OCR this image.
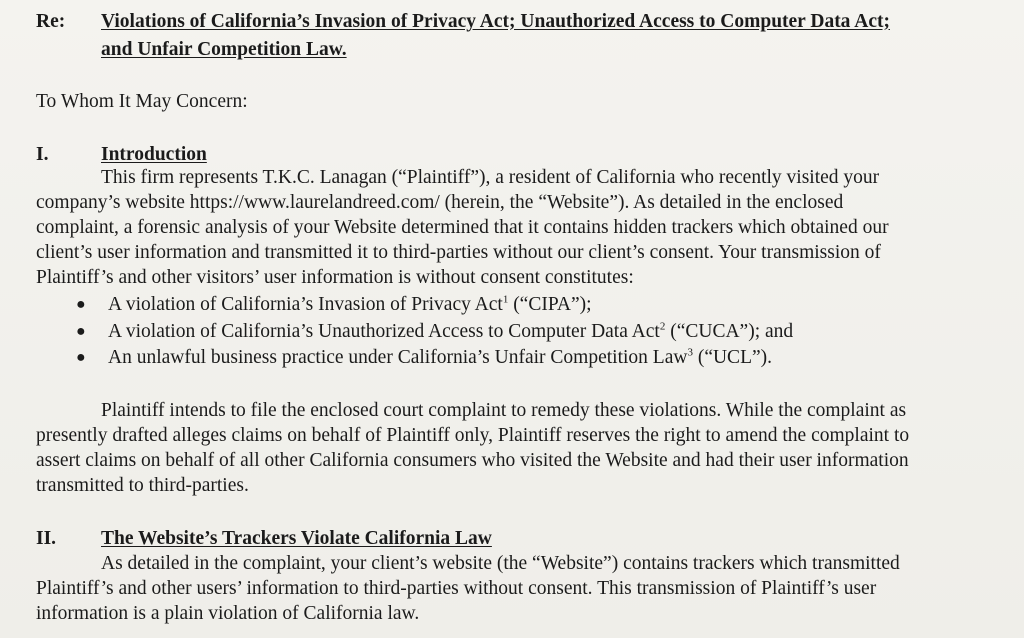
Re: Violations of California’s Invasion of Privacy Act; Unauthorized Access to Computer Data Act;
and Unfair Competition Law.
To Whom It May Concern:
I.	Introduction
This firm represents T.K.C. Lanagan (“Plaintiff”), a resident of California who recently visited your
company’s website https://www.laurelandreed.com/ (herein, the “Website”). As detailed in the enclosed
complaint, a forensic analysis of your Website determined that it contains hidden trackers which obtained our
client’s user information and transmitted it to third-parties without our client’s consent. Your transmission of
Plaintiff’s and other visitors’ user information is without consent constitutes:
● A violation of California’s Invasion of Privacy Act$^1$ (“CIPA”);
● A violation of California’s Unauthorized Access to Computer Data Act$^2$ (“CUCA”); and
● An unlawful business practice under California’s Unfair Competition Law$^3$ (“UCL”).
Plaintiff intends to file the enclosed court complaint to remedy these violations. While the complaint as
presently drafted alleges claims on behalf of Plaintiff only, Plaintiff reserves the right to amend the complaint to
assert claims on behalf of all other California consumers who visited the Website and had their user information
transmitted to third-parties.
II. The Website’s Trackers Violate California Law
As detailed in the complaint, your client’s website (the “Website”) contains trackers which transmitted
Plaintiff’s and other users’ information to third-parties without consent. This transmission of Plaintiff’s user
information is a plain violation of California law.
